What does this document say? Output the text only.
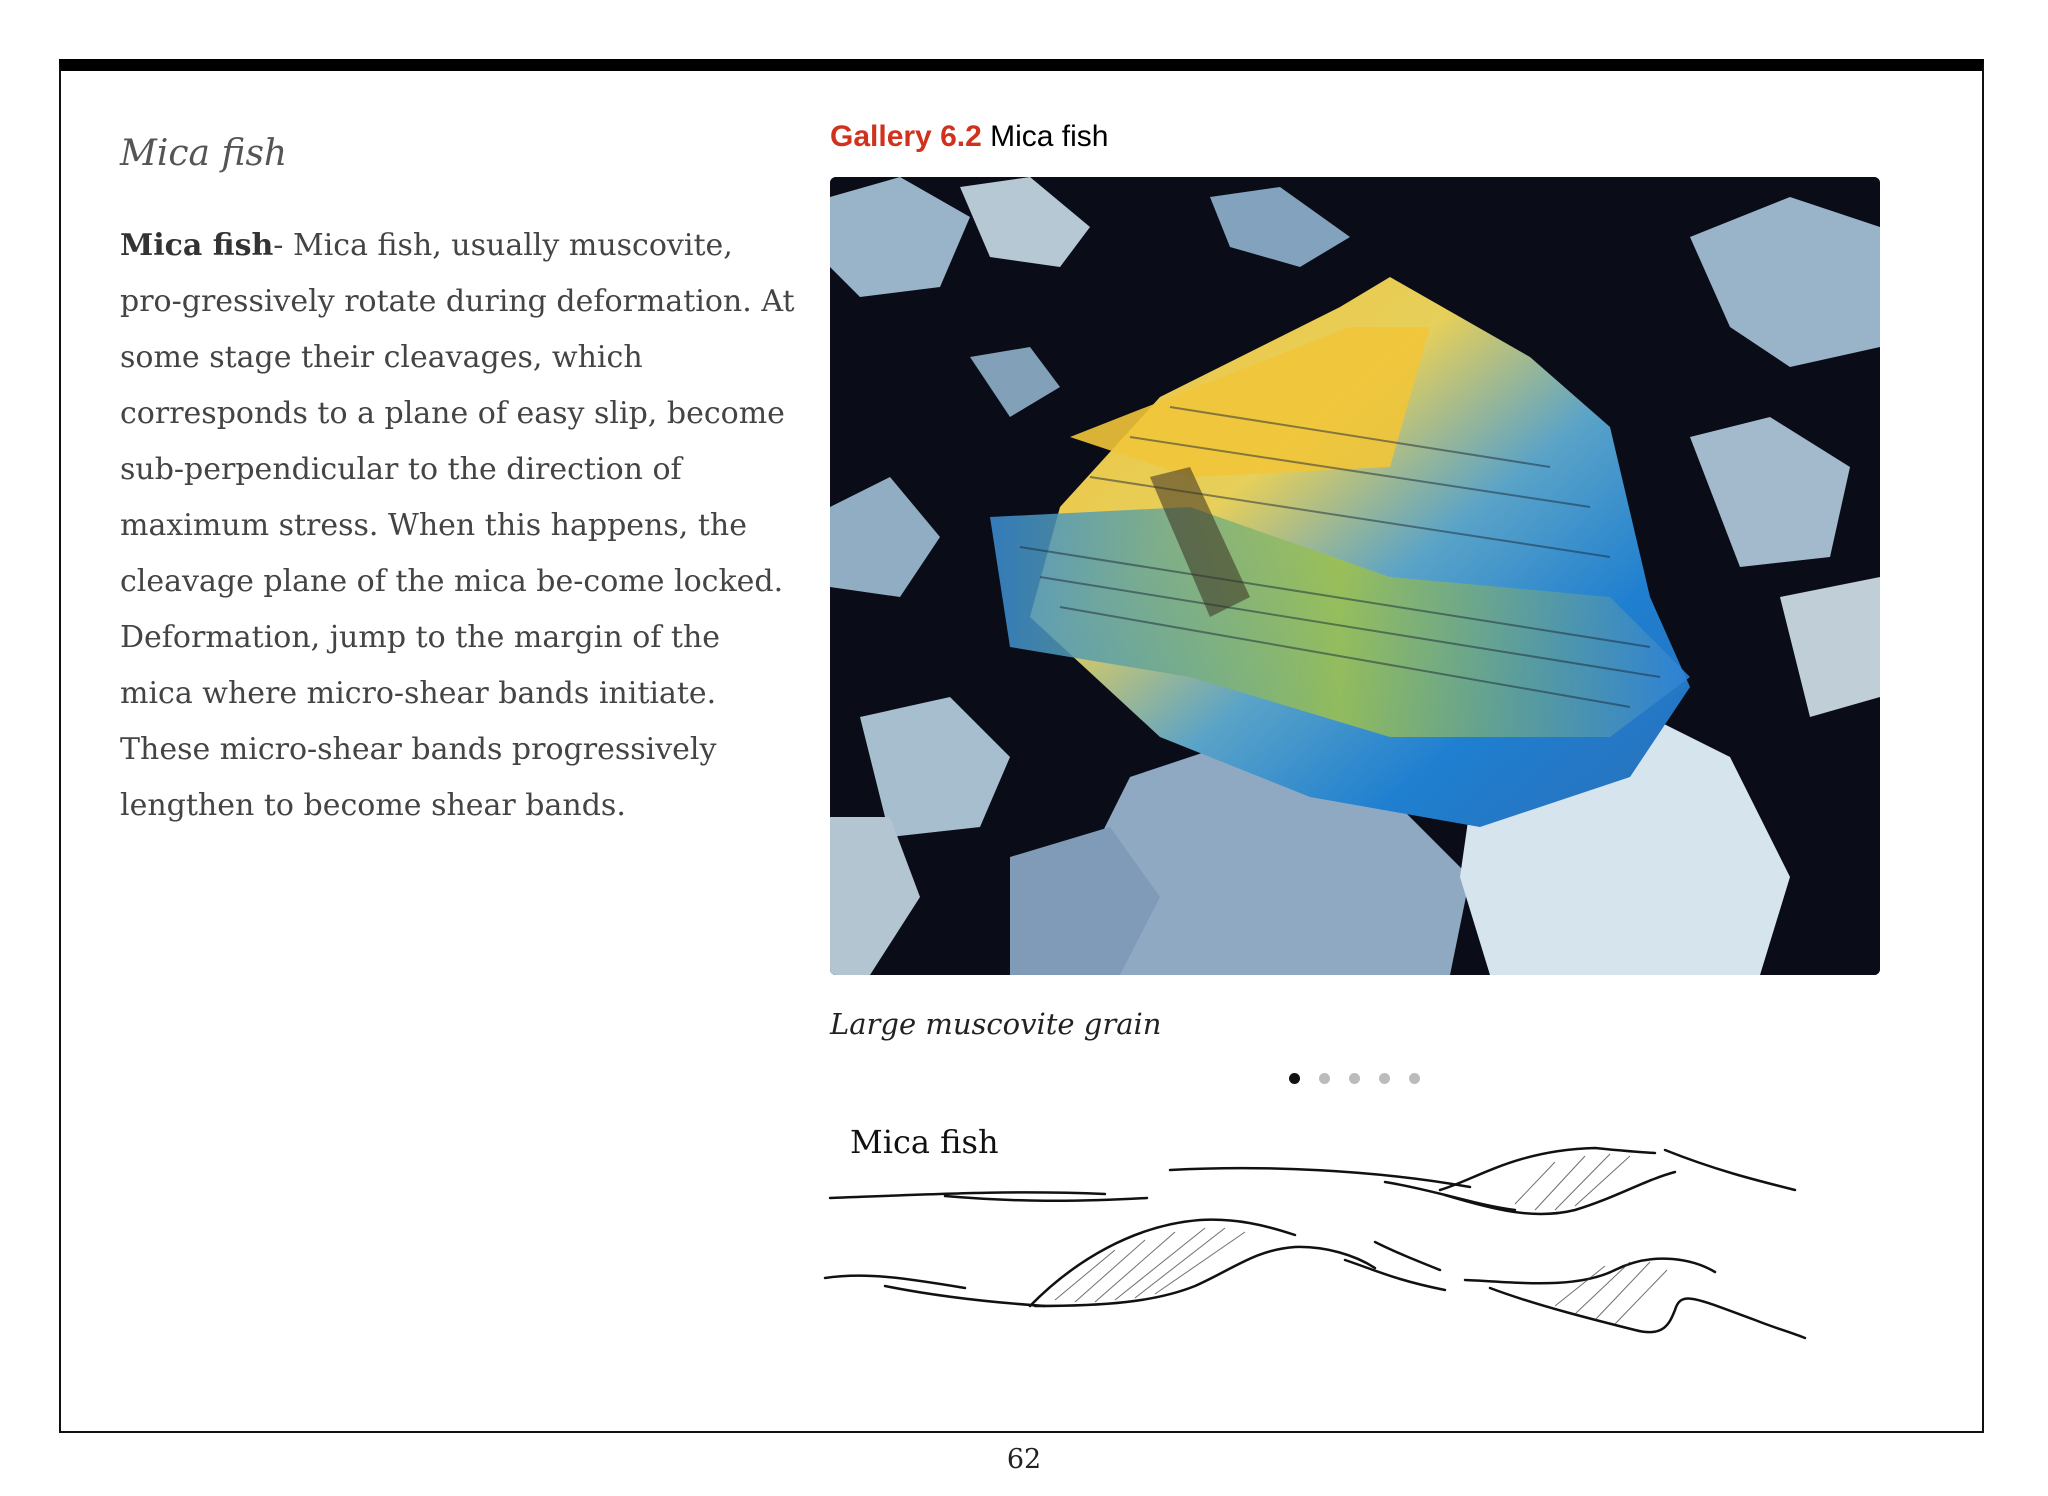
Mica fish

Mica fish- Mica fish, usually muscovite, pro-gressively rotate during deformation. At some stage their cleavages, which corresponds to a plane of easy slip, become sub-perpendicular to the direction of maximum stress. When this happens, the cleavage plane of the mica be-come locked. Deformation, jump to the margin of the mica where micro-shear bands initiate. These micro-shear bands progressively lengthen to become shear bands.

Gallery 6.2 Mica fish

Large muscovite grain

Mica fish
62
